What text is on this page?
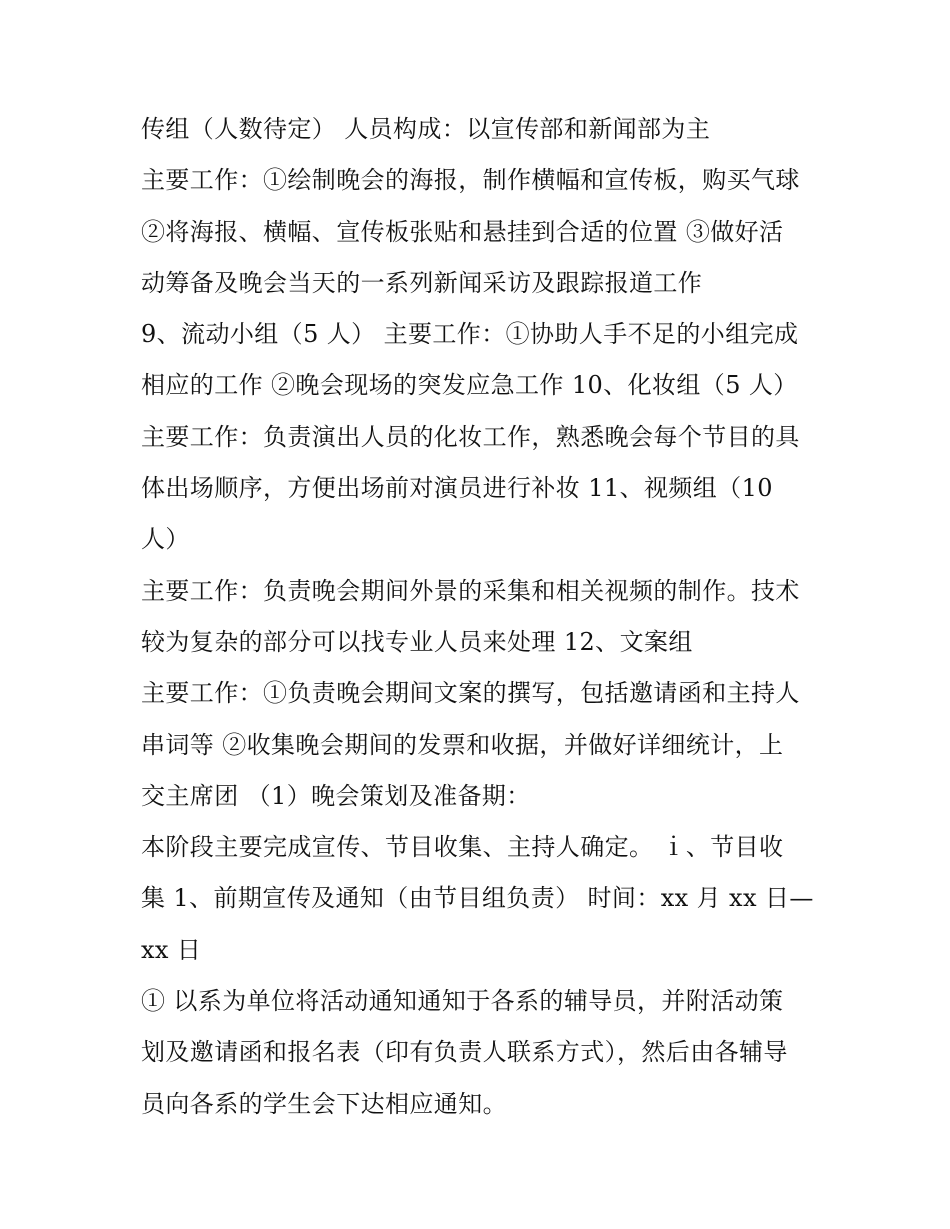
传组（人数待定） 人员构成：以宣传部和新闻部为主
主要工作：①绘制晚会的海报，制作横幅和宣传板，购买气球
②将海报、横幅、宣传板张贴和悬挂到合适的位置 ③做好活
动筹备及晚会当天的一系列新闻采访及跟踪报道工作
9、流动小组（5 人） 主要工作：①协助人手不足的小组完成
相应的工作 ②晚会现场的突发应急工作 10、化妆组（5 人）
主要工作：负责演出人员的化妆工作，熟悉晚会每个节目的具
体出场顺序，方便出场前对演员进行补妆 11、视频组（10
人）
主要工作：负责晚会期间外景的采集和相关视频的制作。技术
较为复杂的部分可以找专业人员来处理 12、文案组
主要工作：①负责晚会期间文案的撰写，包括邀请函和主持人
串词等 ②收集晚会期间的发票和收据，并做好详细统计，上
交主席团 （1）晚会策划及准备期：
本阶段主要完成宣传、节目收集、主持人确定。 ｉ、节目收
集 1、前期宣传及通知（由节目组负责） 时间：xx 月 xx 日—
xx 日
① 以系为单位将活动通知通知于各系的辅导员，并附活动策
划及邀请函和报名表（印有负责人联系方式），然后由各辅导
员向各系的学生会下达相应通知。
